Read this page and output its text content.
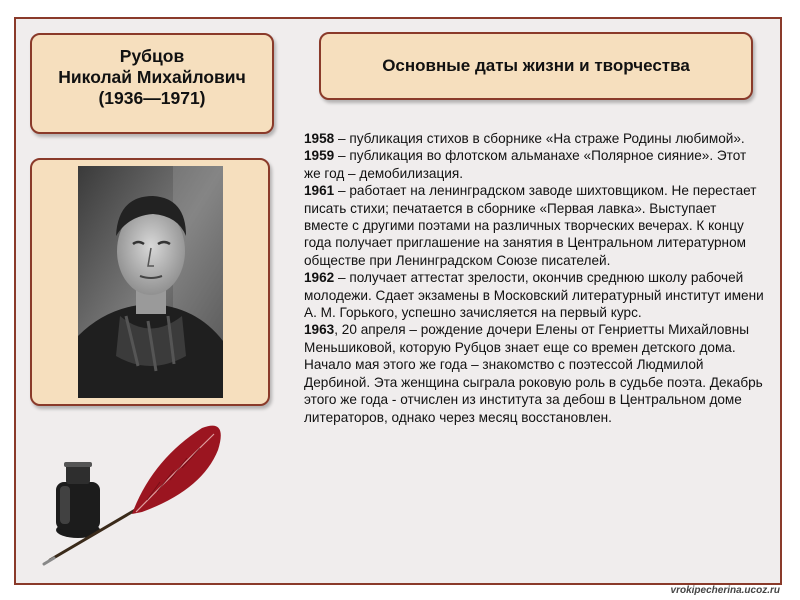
Рубцов
Николай Михайлович
(1936—1971)
Основные даты жизни и творчества

1958 – публикация стихов в сборнике «На страже Родины любимой».

1959 – публикация во флотском альманахе «Полярное сияние». Этот же год – демобилизация.

1961 – работает на ленинградском заводе шихтовщиком. Не перестает писать стихи; печатается в сборнике «Первая лавка». Выступает вместе с другими поэтами на различных творческих вечерах. К концу года получает приглашение на занятия в Центральном литературном обществе при Ленинградском Союзе писателей.

1962 – получает аттестат зрелости, окончив среднюю школу рабочей молодежи. Сдает экзамены в Московский литературный институт имени А. М. Горького, успешно зачисляется на первый курс.

1963, 20 апреля – рождение дочери Елены от Генриетты Михайловны Меньшиковой, которую Рубцов знает еще со времен детского дома. Начало мая этого же года – знакомство с поэтессой Людмилой Дербиной. Эта женщина сыграла роковую роль в судьбе поэта. Декабрь этого же года - отчислен из института за дебош в Центральном доме литераторов, однако через месяц восстановлен.

vrokipecherina.ucoz.ru
